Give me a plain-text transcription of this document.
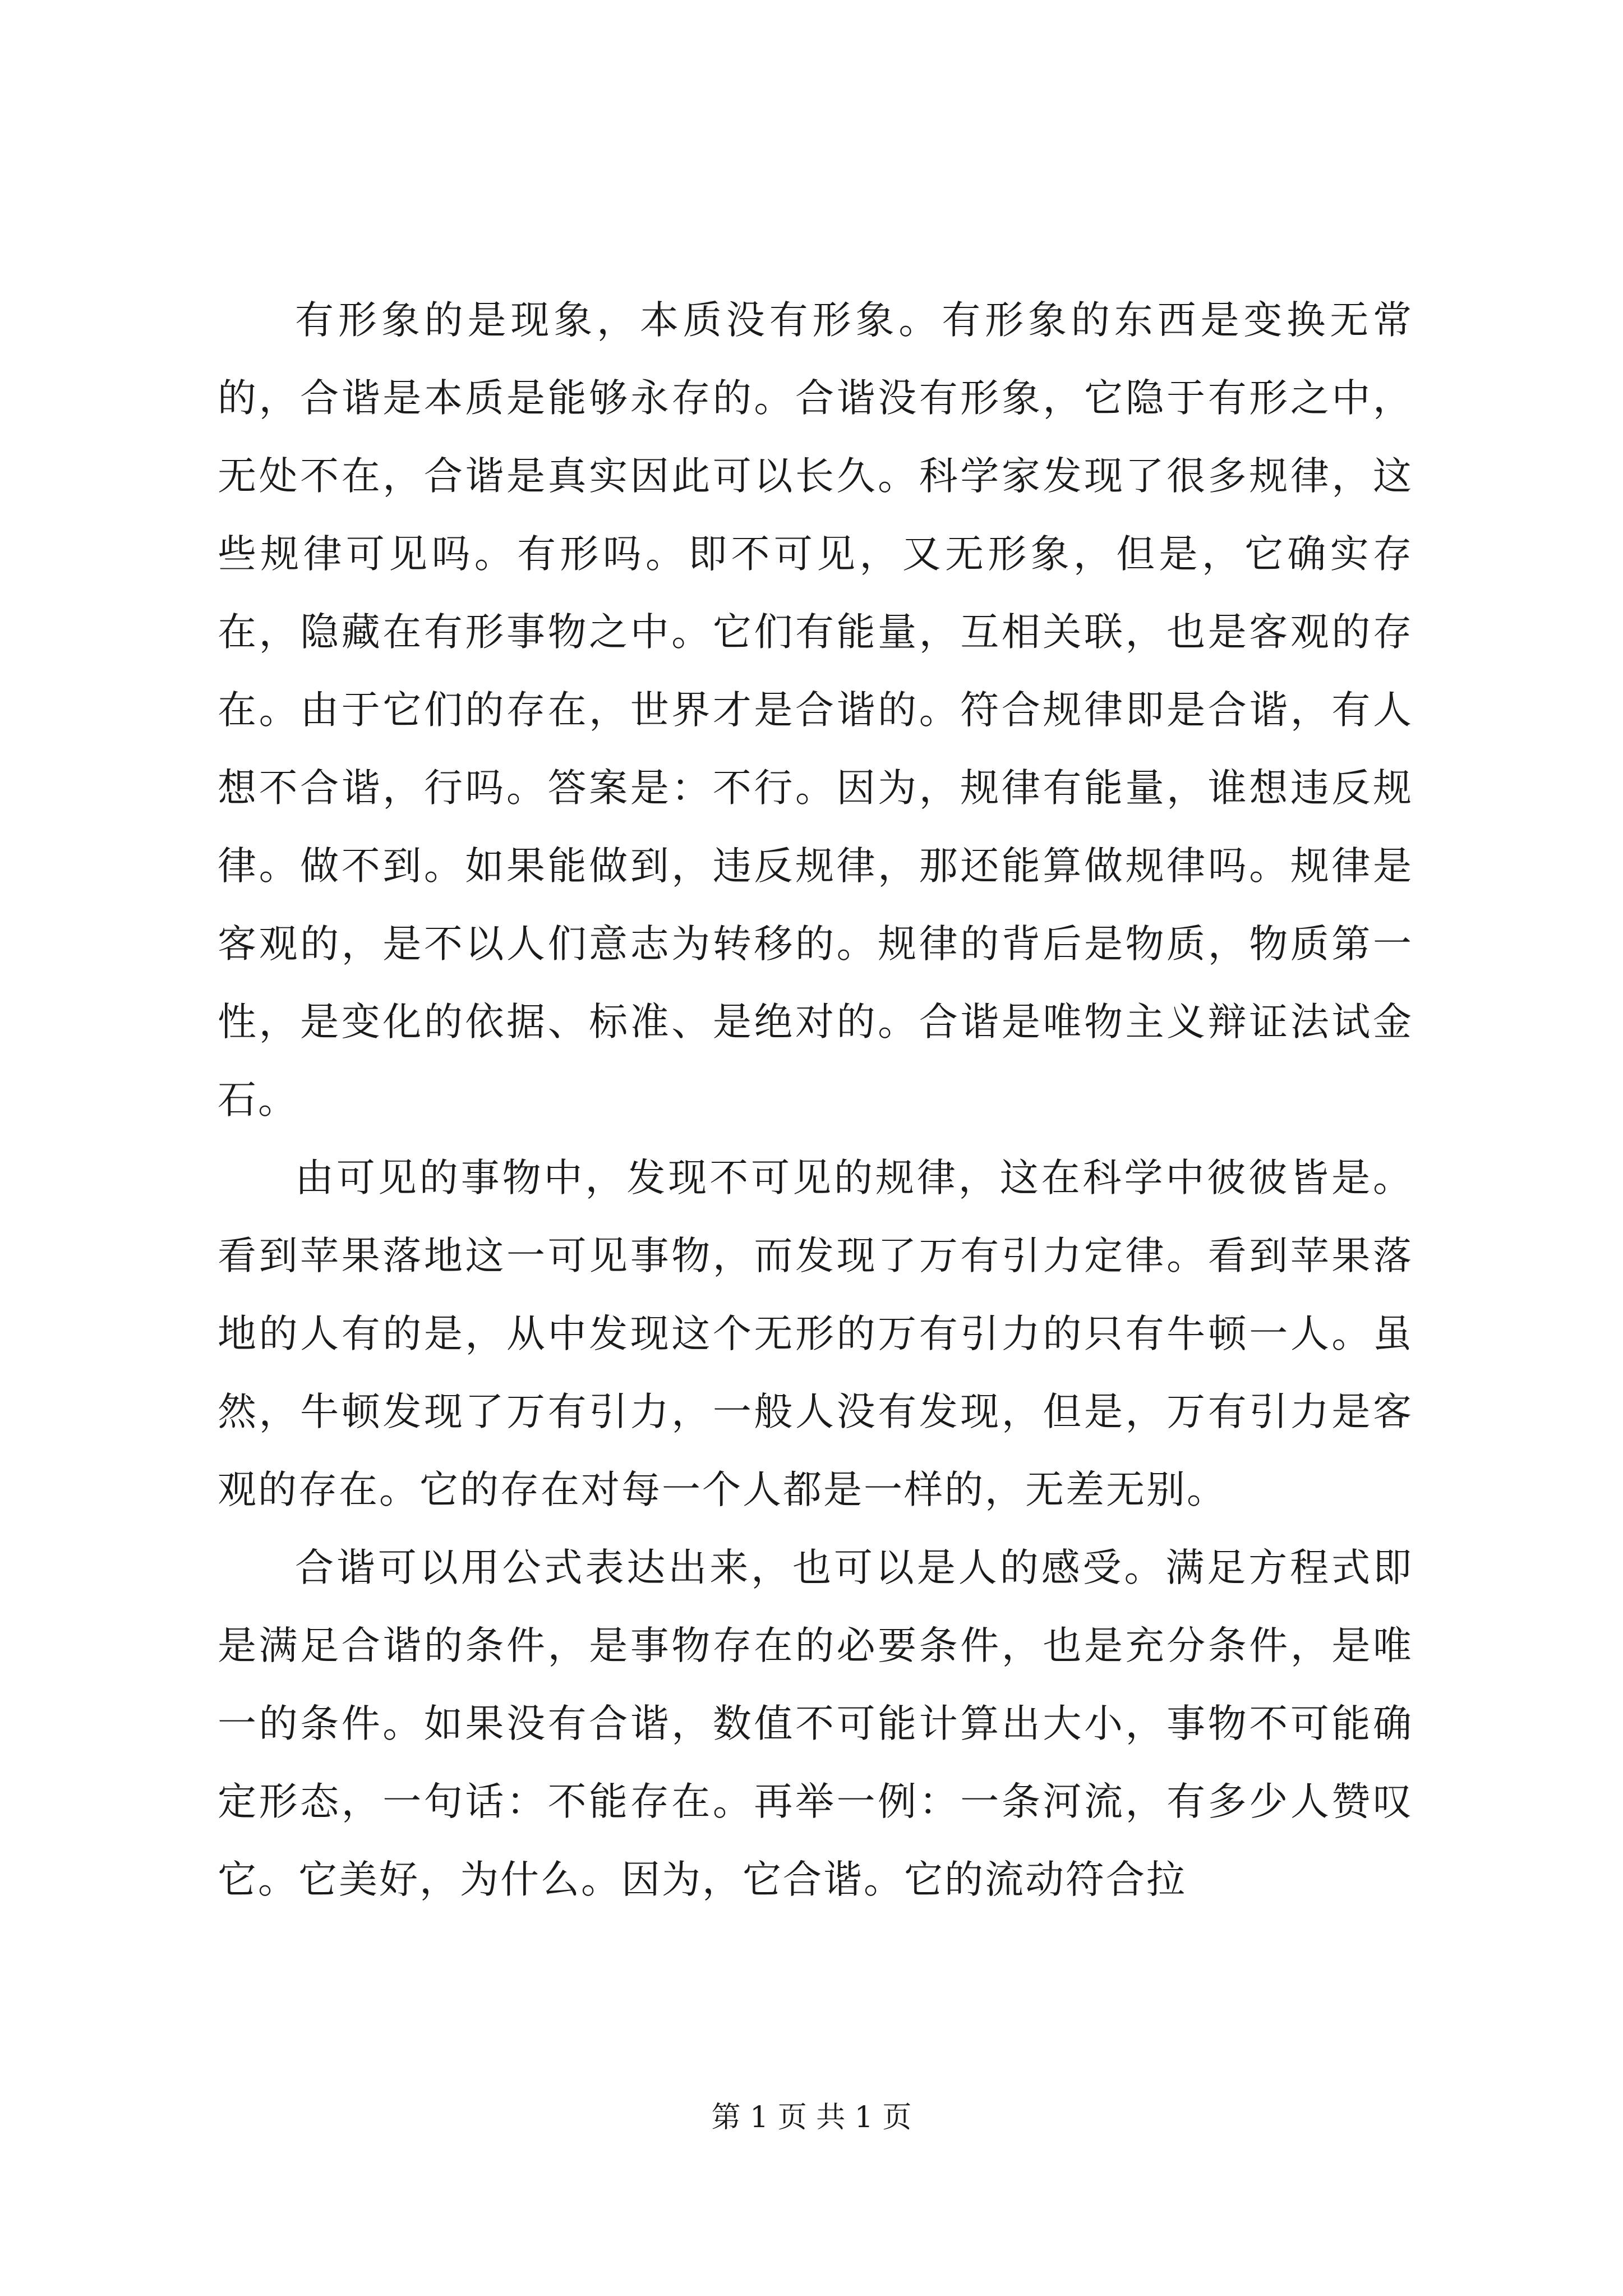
有形象的是现象，本质没有形象。有形象的东西是变换无常的，合谐是本质是能够永存的。合谐没有形象，它隐于有形之中，无处不在，合谐是真实因此可以长久。科学家发现了很多规律，这些规律可见吗。有形吗。即不可见，又无形象，但是，它确实存在，隐藏在有形事物之中。它们有能量，互相关联，也是客观的存在。由于它们的存在，世界才是合谐的。符合规律即是合谐，有人想不合谐，行吗。答案是：不行。因为，规律有能量，谁想违反规律。做不到。如果能做到，违反规律，那还能算做规律吗。规律是客观的，是不以人们意志为转移的。规律的背后是物质，物质第一性，是变化的依据、标准、是绝对的。合谐是唯物主义辩证法试金石。

由可见的事物中，发现不可见的规律，这在科学中彼彼皆是。看到苹果落地这一可见事物，而发现了万有引力定律。看到苹果落地的人有的是，从中发现这个无形的万有引力的只有牛顿一人。虽然，牛顿发现了万有引力，一般人没有发现，但是，万有引力是客观的存在。它的存在对每一个人都是一样的，无差无别。

合谐可以用公式表达出来，也可以是人的感受。满足方程式即是满足合谐的条件，是事物存在的必要条件，也是充分条件，是唯一的条件。如果没有合谐，数值不可能计算出大小，事物不可能确定形态，一句话：不能存在。再举一例：一条河流，有多少人赞叹它。它美好，为什么。因为，它合谐。它的流动符合拉

第 1 页 共 1 页
